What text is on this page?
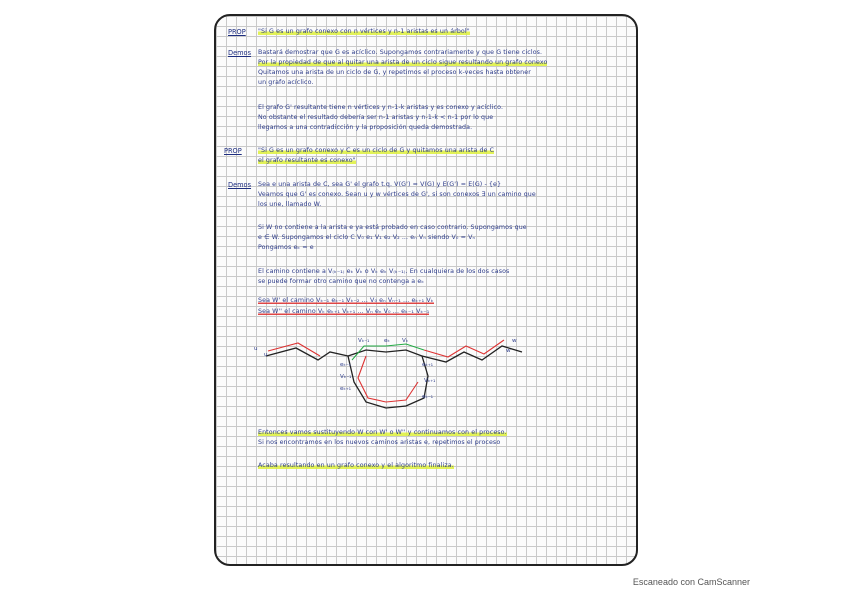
PROP "Si G es un grafo conexo con n vértices y n-1 aristas es un árbol"
Demos Bastará demostrar que G es acíclico. Supongamos contrariamente y que G tiene ciclos.
Por la propiedad de que al quitar una arista de un ciclo sigue resultando un grafo conexo
Quitamos una arista de un ciclo de G, y repetimos el proceso k-veces hasta obtener
un grafo acíclico.
El grafo G' resultante tiene n vértices y n-1-k aristas y es conexo y acíclico.
No obstante el resultado debería ser n-1 aristas y n-1-k < n-1 por lo que
llegamos a una contradicción y la proposición queda demostrada.
PROP	"Si G es un grafo conexo y C es un ciclo de G y quitamos una arista de C
el grafo resultante es conexo"
Demos Sea e una arista de C, sea G' el grafo t.q. V(G') = V(G) y E(G') = E(G) - {e}
Veamos que G' es conexo. Sean u y w vértices de G', si son conexos ∃ un camino que
los une, llamado W.
Si W no contiene a la arista e ya está probado en caso contrario. Supongamos que
e ∈ W. Supongamos el ciclo C V₀ e₁ V₁ e₂ V₂ ... eₙ Vₙ siendo V₀ = Vₙ
Pongamos eₖ = e
El camino contiene a V₍ₖ₋₁₎ eₖ Vₖ o Vₖ eₖ V₍ₖ₋₁₎. En cualquiera de los dos casos
se puede formar otro camino que no contenga a eₖ
Sea W' el camino Vₖ₋₁ eₖ₋₁ Vₖ₋₂ ... V₀ eₙ Vₙ₋₁ ... eₖ₊₁ Vₖ
Sea W'' el camino Vₖ eₖ₊₁ Vₖ₊₁ ... Vₙ eₙ V₀ ... eₖ₋₁ Vₖ₋₁
u
u
w
w
Vₖ₋₁	eₖ Vₖ
eₖ₋₁	eₖ₊₁
Vₖ₋₁
Vₖ₊₁
eₖ₊₁
eₖ₋₁
Entonces vamos sustituyendo W con W' o W'' y continuamos con el proceso.
Si nos encontramos en los nuevos caminos aristas e, repetimos el proceso
Acaba resultando en un grafo conexo y el algoritmo finaliza.
Escaneado con CamScanner
